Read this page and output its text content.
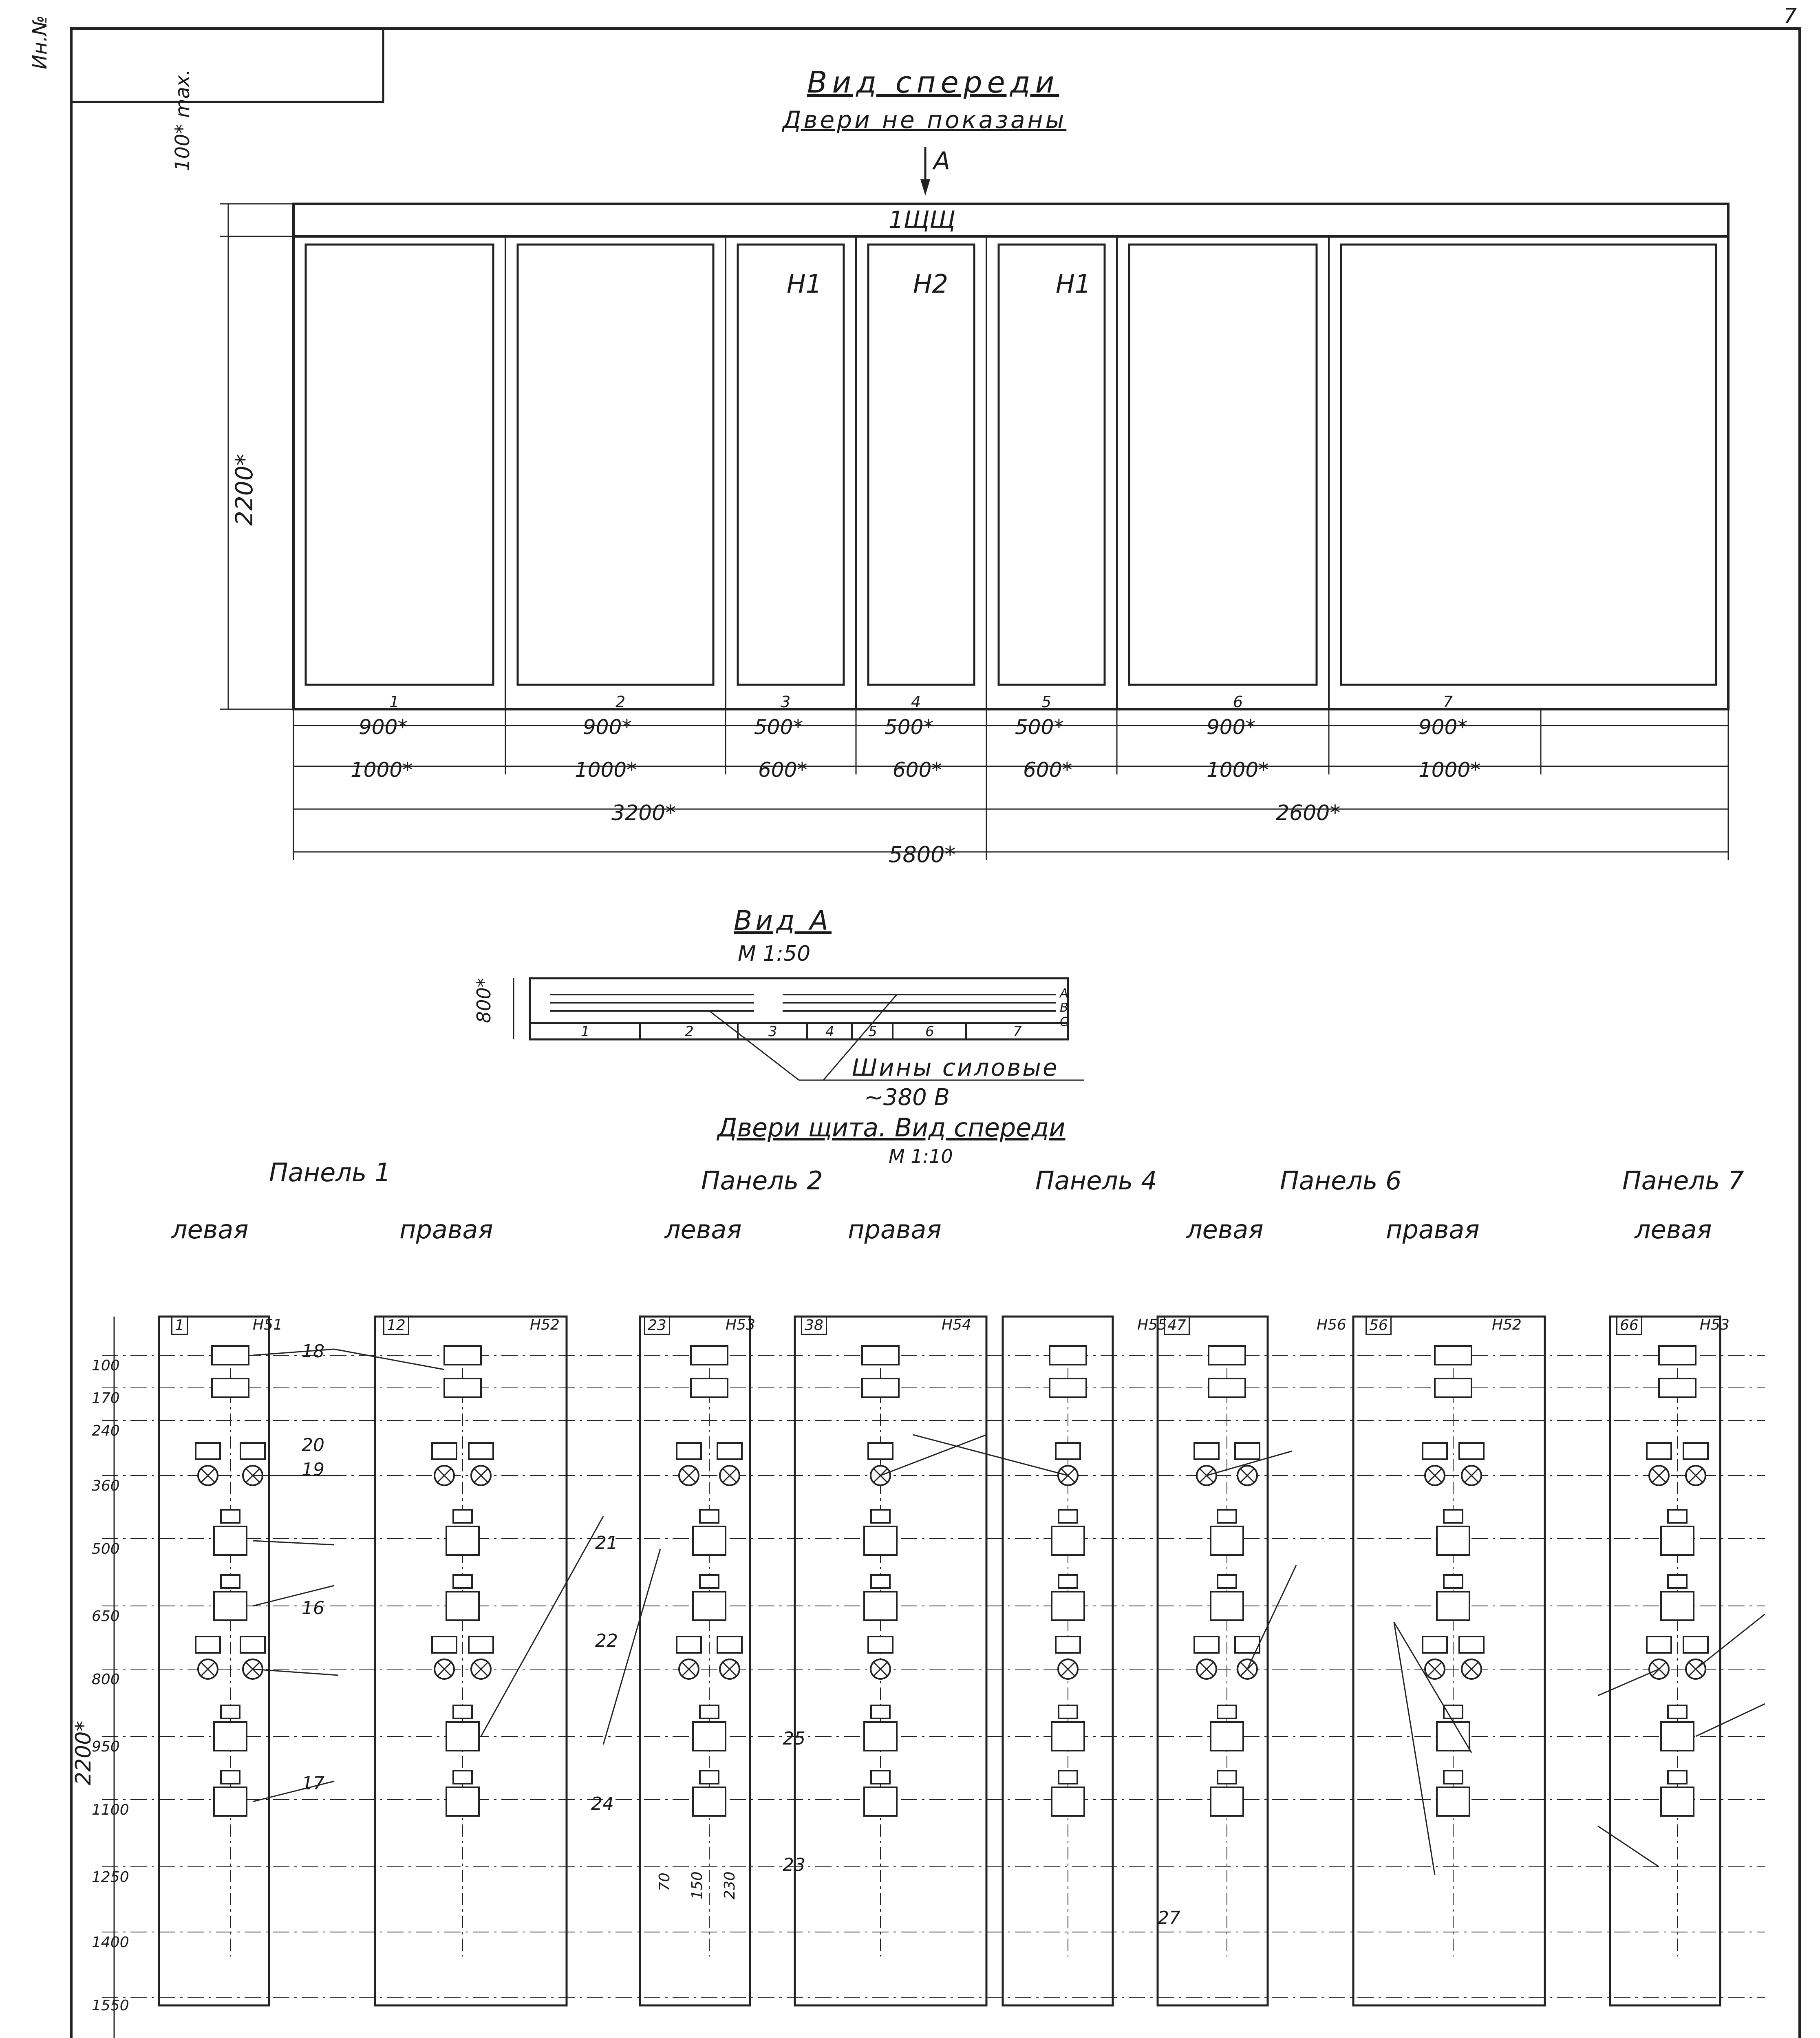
7
Ин.№
Вид спереди
Двери не показаны
А
1ЩЩ
100* max.
2200*
Н1	Н2	Н1
1	2	3	4	5	6	7
900*	900*	500*	500*	500*	900*	900*
1000*	1000*	600*	600*	600*	1000*	1000*
3200*	2600*
5800*
Вид А
М 1:50
800*
1	2	3	4 5	6	7
А
В
С
Шины силовые
~380 В
Двери щита. Вид спереди
М 1:10
Панель 1	Панель 2	Панель 4	Панель 6	Панель 7
левая	правая	левая	правая	левая	правая	левая
18
19
20
21
22
16
17
24
25
23
27
2200*
100
170
240
360
500
650
800
950
1100
1250
1400
1550
Н51	Н52	Н53	Н54	Н55	Н56	Н52	Н53
1	12	23	38	47	56	66
70 150 230
